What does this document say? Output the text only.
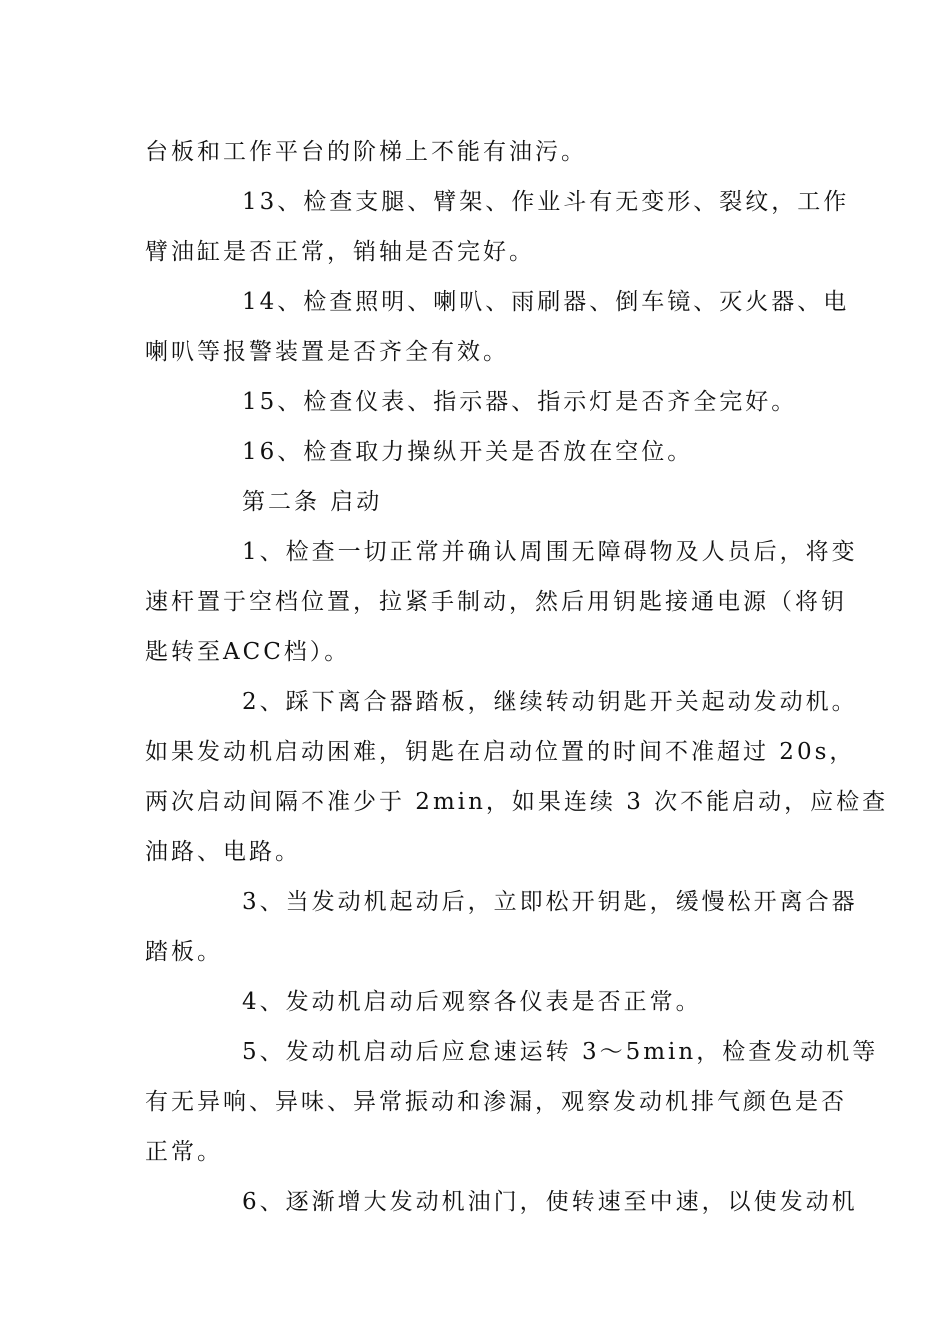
台板和工作平台的阶梯上不能有油污。

13、检查支腿、臂架、作业斗有无变形、裂纹，工作
臂油缸是否正常，销轴是否完好。

14、检查照明、喇叭、雨刷器、倒车镜、灭火器、电
喇叭等报警装置是否齐全有效。

15、检查仪表、指示器、指示灯是否齐全完好。

16、检查取力操纵开关是否放在空位。

第二条 启动

1、检查一切正常并确认周围无障碍物及人员后，将变
速杆置于空档位置，拉紧手制动，然后用钥匙接通电源（将钥
匙转至ACC档）。

2、踩下离合器踏板，继续转动钥匙开关起动发动机。
如果发动机启动困难，钥匙在启动位置的时间不准超过 20s，
两次启动间隔不准少于 2min，如果连续 3 次不能启动，应检查
油路、电路。

3、当发动机起动后，立即松开钥匙，缓慢松开离合器
踏板。

4、发动机启动后观察各仪表是否正常。

5、发动机启动后应怠速运转 3～5min，检查发动机等
有无异响、异味、异常振动和渗漏，观察发动机排气颜色是否
正常。

6、逐渐增大发动机油门，使转速至中速，以使发动机
